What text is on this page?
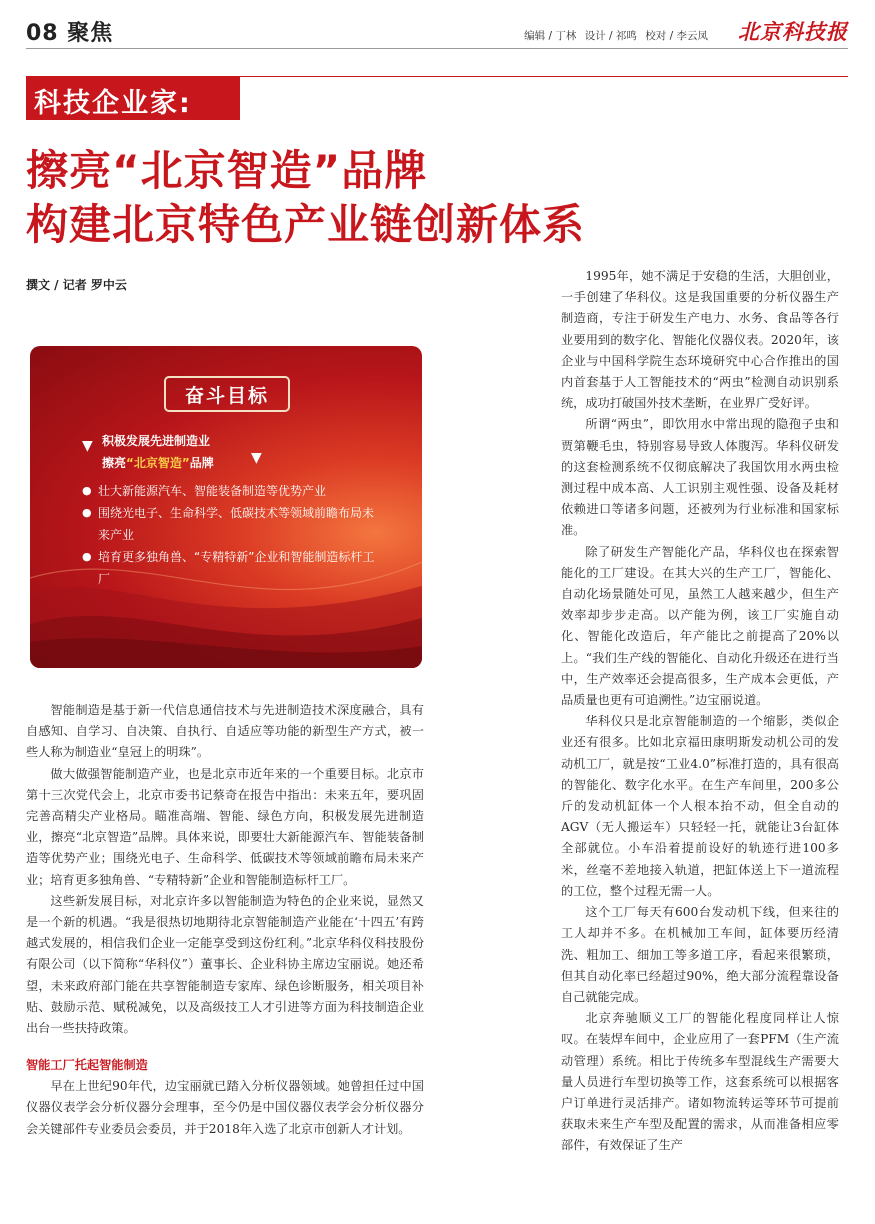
08 聚焦	编辑 / 丁林 设计 / 祁鸣 校对 / 李云凤 北京科技报
科技企业家:
擦亮“北京智造”品牌
构建北京特色产业链创新体系
撰文 / 记者 罗中云
奋斗目标
▼ 积极发展先进制造业
擦亮“北京智造”品牌	▼
● 壮大新能源汽车、智能装备制造等优势产业
● 围绕光电子、生命科学、低碳技术等领域前瞻布局未来产业
● 培育更多独角兽、“专精特新”企业和智能制造标杆工厂

智能制造是基于新一代信息通信技术与先进制造技术深度融合，具有自感知、自学习、自决策、自执行、自适应等功能的新型生产方式，被一些人称为制造业“皇冠上的明珠”。

做大做强智能制造产业，也是北京市近年来的一个重要目标。北京市第十三次党代会上，北京市委书记蔡奇在报告中指出：未来五年，要巩固完善高精尖产业格局。瞄准高端、智能、绿色方向，积极发展先进制造业，擦亮“北京智造”品牌。具体来说，即要壮大新能源汽车、智能装备制造等优势产业；围绕光电子、生命科学、低碳技术等领域前瞻布局未来产业；培育更多独角兽、“专精特新”企业和智能制造标杆工厂。

这些新发展目标，对北京许多以智能制造为特色的企业来说，显然又是一个新的机遇。“我是很热切地期待北京智能制造产业能在‘十四五’有跨越式发展的，相信我们企业一定能享受到这份红利。”北京华科仪科技股份有限公司（以下简称“华科仪”）董事长、企业科协主席边宝丽说。她还希望，未来政府部门能在共享智能制造专家库、绿色诊断服务，相关项目补贴、鼓励示范、赋税减免，以及高级技工人才引进等方面为科技制造企业出台一些扶持政策。

智能工厂托起智能制造

早在上世纪90年代，边宝丽就已踏入分析仪器领域。她曾担任过中国仪器仪表学会分析仪器分会理事，至今仍是中国仪器仪表学会分析仪器分会关键部件专业委员会委员，并于2018年入选了北京市创新人才计划。

1995年，她不满足于安稳的生活，大胆创业，一手创建了华科仪。这是我国重要的分析仪器生产制造商，专注于研发生产电力、水务、食品等各行业要用到的数字化、智能化仪器仪表。2020年，该企业与中国科学院生态环境研究中心合作推出的国内首套基于人工智能技术的“两虫”检测自动识别系统，成功打破国外技术垄断，在业界广受好评。

所谓“两虫”，即饮用水中常出现的隐孢子虫和贾第鞭毛虫，特别容易导致人体腹泻。华科仪研发的这套检测系统不仅彻底解决了我国饮用水两虫检测过程中成本高、人工识别主观性强、设备及耗材依赖进口等诸多问题，还被列为行业标准和国家标准。

除了研发生产智能化产品，华科仪也在探索智能化的工厂建设。在其大兴的生产工厂，智能化、自动化场景随处可见，虽然工人越来越少，但生产效率却步步走高。以产能为例，该工厂实施自动化、智能化改造后，年产能比之前提高了20%以上。“我们生产线的智能化、自动化升级还在进行当中，生产效率还会提高很多，生产成本会更低，产品质量也更有可追溯性。”边宝丽说道。

华科仪只是北京智能制造的一个缩影，类似企业还有很多。比如北京福田康明斯发动机公司的发动机工厂，就是按“工业4.0”标准打造的，具有很高的智能化、数字化水平。在生产车间里，200多公斤的发动机缸体一个人根本抬不动，但全自动的AGV（无人搬运车）只轻轻一托，就能让3台缸体全部就位。小车沿着提前设好的轨迹行进100多米，丝毫不差地接入轨道，把缸体送上下一道流程的工位，整个过程无需一人。

这个工厂每天有600台发动机下线，但来往的工人却并不多。在机械加工车间，缸体要历经清洗、粗加工、细加工等多道工序，看起来很繁琐，但其自动化率已经超过90%，绝大部分流程靠设备自己就能完成。

北京奔驰顺义工厂的智能化程度同样让人惊叹。在装焊车间中，企业应用了一套PFM（生产流动管理）系统。相比于传统多车型混线生产需要大量人员进行车型切换等工作，这套系统可以根据客户订单进行灵活排产。诸如物流转运等环节可提前获取未来生产车型及配置的需求，从而准备相应零部件，有效保证了生产
